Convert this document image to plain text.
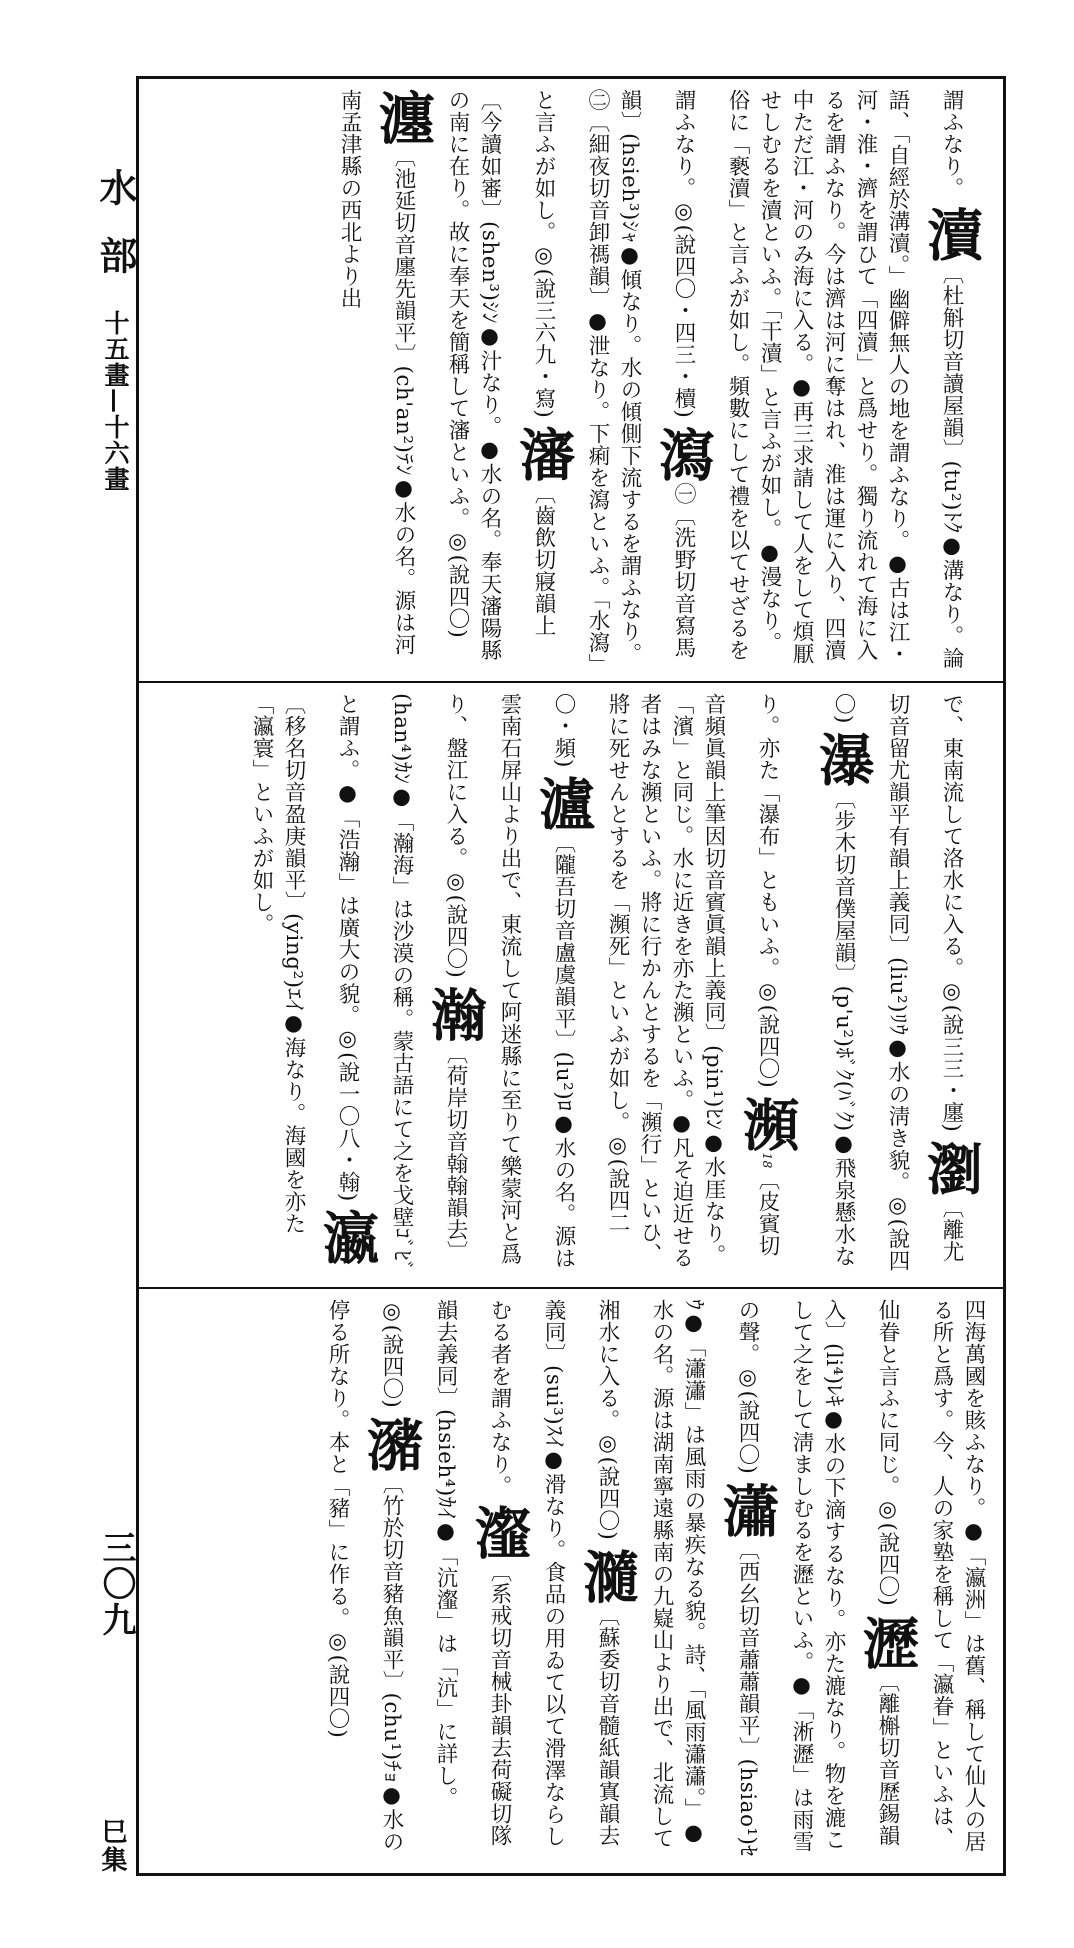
水部
十五畫—十六畫
三〇九
巳集
謂ふなり。 瀆〔杜斛切音讀屋韻〕(tu²)ﾄｸ●溝なり。論語、「自經於溝瀆。」幽僻無人の地を謂ふなり。●古は江・河・淮・濟を謂ひて「四瀆」と爲せり。獨り流れて海に入るを謂ふなり。今は濟は河に奪はれ、淮は運に入り、四瀆中ただ江・河のみ海に入る。●再三求請して人をして煩厭せしむるを瀆といふ。「干瀆」と言ふが如し。●漫なり。俗に「褻瀆」と言ふが如し。頻數にして禮を以てせざるを謂ふなり。◎(說四〇・四三・櫝) 瀉㊀〔洗野切音寫馬韻〕(hsieh³)ｼｬ●傾なり。水の傾側下流するを謂ふなり。㊁〔細夜切音卸禡韻〕●泄なり。下痢を瀉といふ。「水瀉」と言ふが如し。◎(說三六九・寫) 瀋〔齒飲切寢韻上〔今讀如審〕(shen³)ｼﾝ●汁なり。●水の名。奉天瀋陽縣の南に在り。故に奉天を簡稱して瀋といふ。◎(說四〇) 瀍〔池延切音廛先韻平〕(ch'an²)ﾃﾝ●水の名。源は河南孟津縣の西北より出
で、東南流して洛水に入る。◎(說三三・廛) 瀏〔離尤切音留尤韻平有韻上義同〕(liu²)ﾘｳ●水の淸き貌。◎(說四〇) 瀑〔步木切音僕屋韻〕(p'u²)ﾎﾞｸ(ﾊﾞｸ)●飛泉懸水なり。亦た「瀑布」ともいふ。◎(說四〇) 瀕18〔皮賓切音頻眞韻上筆因切音賓眞韻上義同〕(pin¹)ﾋﾝ●水厓なり。「濱」と同じ。水に近きを亦た瀕といふ。●凡そ迫近せる者はみな瀕といふ。將に行かんとするを「瀕行」といひ、將に死せんとするを「瀕死」といふが如し。◎(說四二〇・頻) 瀘〔隴吾切音盧虞韻平〕(lu²)ﾛ●水の名。源は雲南石屏山より出で、東流して阿迷縣に至りて樂蒙河と爲り、盤江に入る。◎(說四〇) 瀚〔荷岸切音翰翰韻去〕(han⁴)ｶﾝ●「瀚海」は沙漠の稱。蒙古語にて之を戈壁ｺﾞﾋﾞと謂ふ。●「浩瀚」は廣大の貌。◎(說一〇八・翰) 瀛〔移名切音盈庚韻平〕(ying²)ｴｲ●海なり。海國を亦た「瀛寰」といふが如し。
四海萬國を賅ふなり。●「瀛洲」は舊、稱して仙人の居る所と爲す。今、人の家塾を稱して「瀛眷」といふは、仙眷と言ふに同じ。◎(說四〇) 瀝〔離槲切音歷錫韻入〕(li⁴)ﾚｷ●水の下滴するなり。亦た漉なり。物を漉こして之をして淸ましむるを瀝といふ。●「淅瀝」は雨雪の聲。◎(說四〇) 瀟〔西幺切音蕭蕭韻平〕(hsiao¹)ｾｳ●「瀟瀟」は風雨の暴疾なる貌。詩、「風雨瀟瀟。」●水の名。源は湖南寧遠縣南の九嶷山より出で、北流して湘水に入る。◎(說四〇) 瀡〔蘇委切音髓紙韻寘韻去義同〕(sui³)ｽｲ●滑なり。食品の用ゐて以て滑澤ならしむる者を謂ふなり。 瀣〔系戒切音械卦韻去荷礙切隊韻去義同〕(hsieh⁴)ｶｲ●「沆瀣」は「沆」に詳し。◎(說四〇) 瀦〔竹於切音豬魚韻平〕(chu¹)ﾁｮ●水の停る所なり。本と「豬」に作る。◎(說四〇)
